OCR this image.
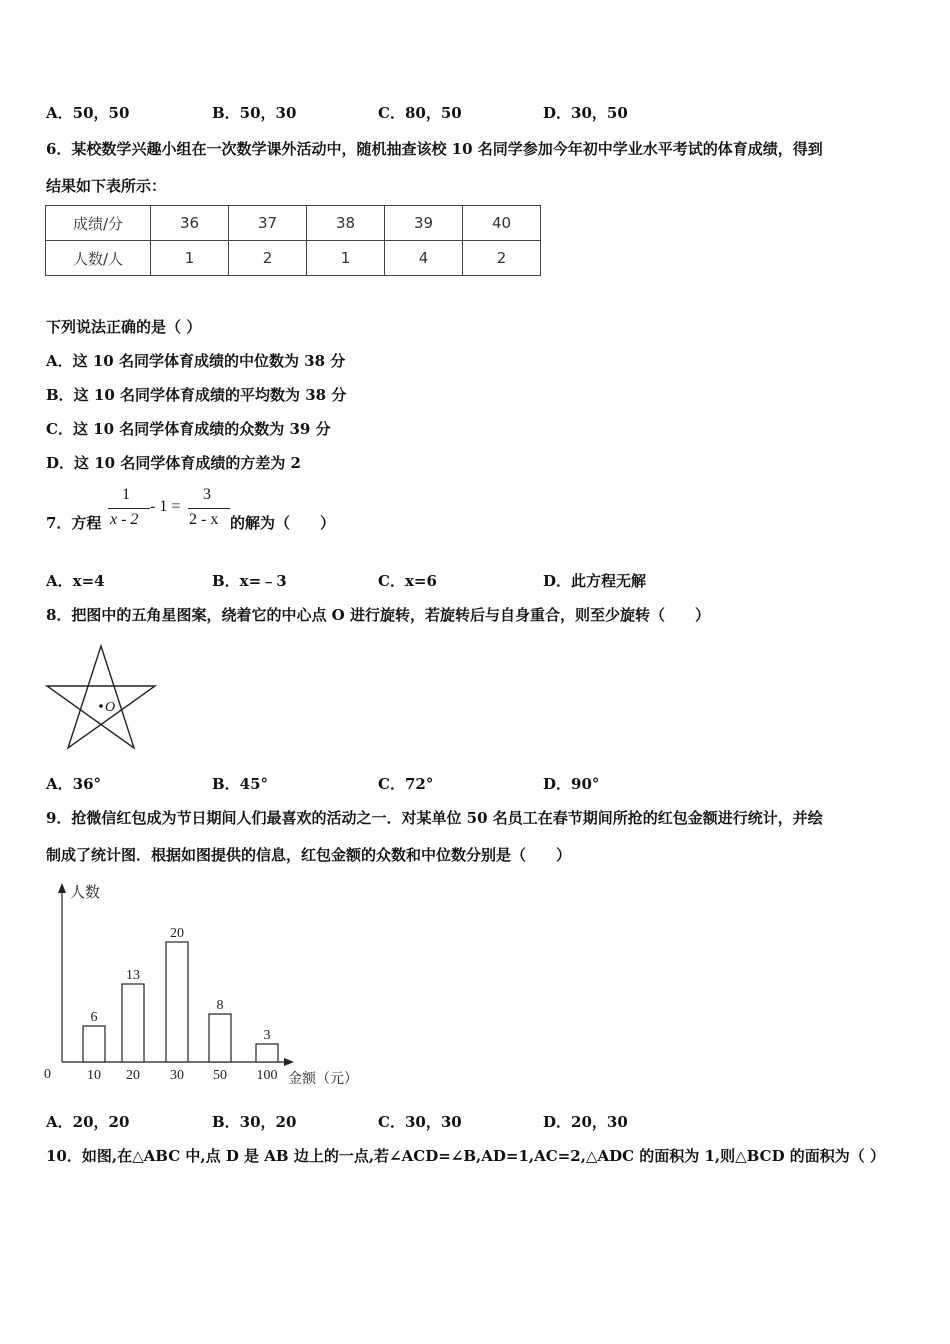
A．50，50	B．50，30	C．80，50	D．30，50
6．某校数学兴趣小组在一次数学课外活动中，随机抽查该校 10 名同学参加今年初中学业水平考试的体育成绩，得到
结果如下表所示：
成绩/分	36	37	38	39	40
人数/人	1	2	1	4	2
下列说法正确的是（ ）
A．这 10 名同学体育成绩的中位数为 38 分
B．这 10 名同学体育成绩的平均数为 38 分
C．这 10 名同学体育成绩的众数为 39 分
D．这 10 名同学体育成绩的方差为 2
7．方程
1
x - 2
- 1 =
3
2 - x 的解为（　　）
A．x=4	B．x=﹣3	C．x=6	D．此方程无解
8．把图中的五角星图案，绕着它的中心点 O 进行旋转，若旋转后与自身重合，则至少旋转（　　）
O
A．36°	B．45°	C．72°	D．90°
9．抢微信红包成为节日期间人们最喜欢的活动之一．对某单位 50 名员工在春节期间所抢的红包金额进行统计，并绘
制成了统计图．根据如图提供的信息，红包金额的众数和中位数分别是（　　）
人数
金额（元）
0
6
10
13
20
20
30
8
50
3
100
A．20，20	B．30，20	C．30，30	D．20，30
10．如图,在△ABC 中,点 D 是 AB 边上的一点,若∠ACD=∠B,AD=1,AC=2,△ADC 的面积为 1,则△BCD 的面积为（ ）
